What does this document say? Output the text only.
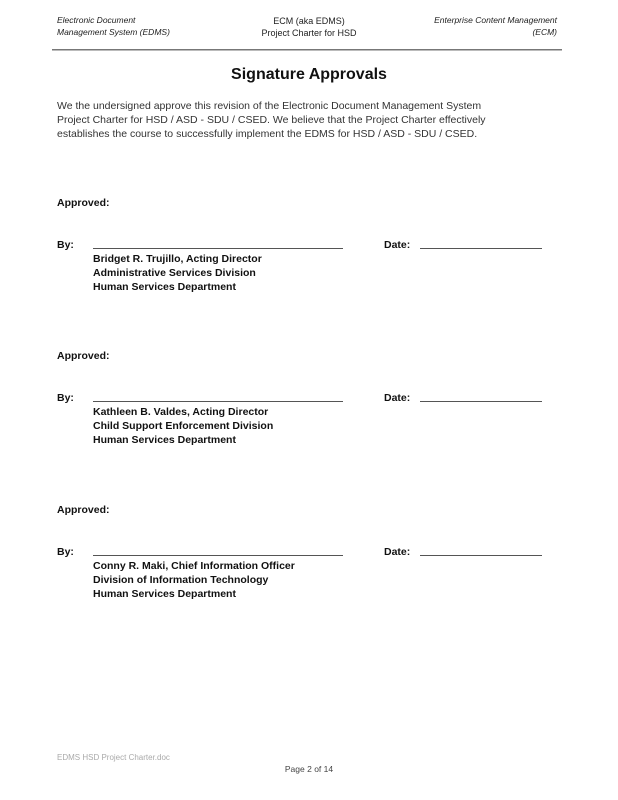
Electronic Document
Management System (EDMS)
ECM (aka EDMS)
Project Charter for HSD
Enterprise Content Management
(ECM)
Signature Approvals
We the undersigned approve this revision of the Electronic Document Management System
Project Charter for HSD / ASD - SDU / CSED. We believe that the Project Charter effectively
establishes the course to successfully implement the EDMS for HSD / ASD - SDU / CSED.
Approved:
By:	Date:
Bridget R. Trujillo, Acting Director
Administrative Services Division
Human Services Department
Approved:
By:	Date:
Kathleen B. Valdes, Acting Director
Child Support Enforcement Division
Human Services Department
Approved:
By:	Date:
Conny R. Maki, Chief Information Officer
Division of Information Technology
Human Services Department
EDMS HSD Project Charter.doc
Page 2 of 14
